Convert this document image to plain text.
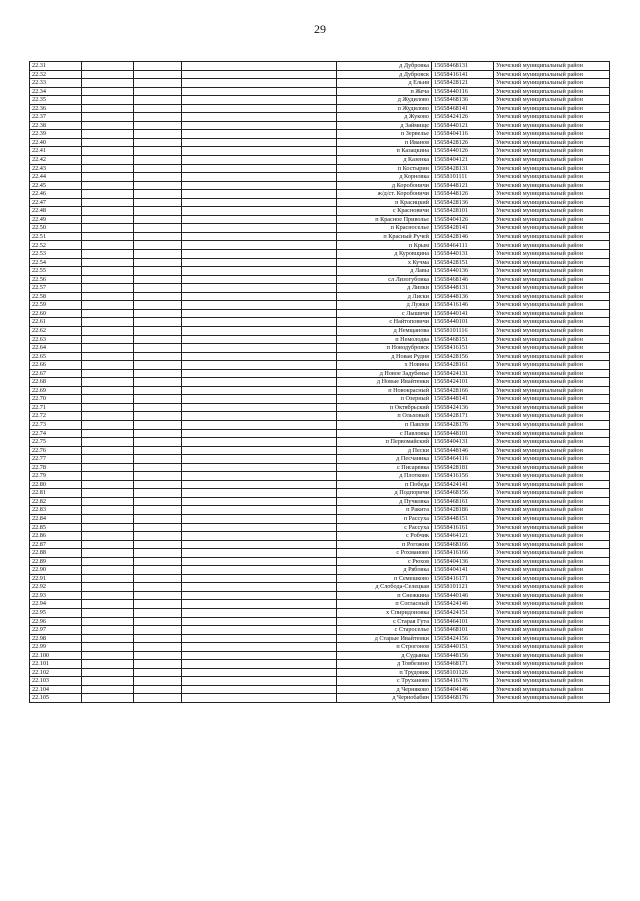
29
22.31				д Дубровка	15658468131	Унечский муниципальный район
22.32				д Дубровск	15658416141	Унечский муниципальный район
22.33				д Ельня	15658428121	Унечский муниципальный район
22.34				п Жеча	15658440116	Унечский муниципальный район
22.35				д Жудилово	15658468136	Унечский муниципальный район
22.36				п Жудилово	15658468141	Унечский муниципальный район
22.37				д Жуково	15658424126	Унечский муниципальный район
22.38				д Займище	15658440121	Унечский муниципальный район
22.39				п Зервелье	15658404116	Унечский муниципальный район
22.40				п Иванов	15658428126	Унечский муниципальный район
22.41				п Казацкина	15658440126	Унечский муниципальный район
22.42				д Казенка	15658404121	Унечский муниципальный район
22.43				п Костырин	15658428131	Унечский муниципальный район
22.44				д Корновка	15658101111	Унечский муниципальный район
22.45				д Коробоничи	15658448121	Унечский муниципальный район
22.46				ж/д/ст. Коробоничи	15658448126	Унечский муниципальный район
22.47				п Красицкий	15658428136	Унечский муниципальный район
22.48				с Красновичи	15658428101	Унечский муниципальный район
22.49				п Красное Приволье	15658404126	Унечский муниципальный район
22.50				п Красноселье	15658428141	Унечский муниципальный район
22.51				п Красный Ручей	15658428146	Унечский муниципальный район
22.52				п Крым	15658464111	Унечский муниципальный район
22.53				д Куровщина	15658440131	Унечский муниципальный район
22.54				х Кучма	15658428151	Унечский муниципальный район
22.55				д Лавы	15658440136	Унечский муниципальный район
22.56				сл Лизогубовка	15658468146	Унечский муниципальный район
22.57				д Липки	15658448131	Унечский муниципальный район
22.58				д Лиски	15658448136	Унечский муниципальный район
22.59				д Лужки	15658416146	Унечский муниципальный район
22.60				с Лышичи	15658440141	Унечский муниципальный район
22.61				с Найтоповичи	15658440101	Унечский муниципальный район
22.62				д Немщанова	15658101116	Унечский муниципальный район
22.63				п Немолодва	15658468151	Унечский муниципальный район
22.64				п Новодубровск	15658416151	Унечский муниципальный район
22.65				д Новая Рудня	15658428156	Унечский муниципальный район
22.66				х Новина	15658428161	Унечский муниципальный район
22.67				д Новое Задубенье	15658424131	Унечский муниципальный район
22.68				д Новые Ивайтенки	15658424101	Унечский муниципальный район
22.69				п Новокрасный	15658428166	Унечский муниципальный район
22.70				п Озерный	15658448141	Унечский муниципальный район
22.71				п Октябрьский	15658424136	Унечский муниципальный район
22.72				п Ольховый	15658428171	Унечский муниципальный район
22.73				п Павлов	15658428176	Унечский муниципальный район
22.74				с Павловка	15658448101	Унечский муниципальный район
22.75				п Первомайский	15658404131	Унечский муниципальный район
22.76				д Пески	15658448146	Унечский муниципальный район
22.77				д Песчаника	15658464116	Унечский муниципальный район
22.78				с Писаревка	15658428181	Унечский муниципальный район
22.79				д Плотково	15658416156	Унечский муниципальный район
22.80				п Победа	15658424141	Унечский муниципальный район
22.81				д Подпоричи	15658468156	Унечский муниципальный район
22.82				д Пучковка	15658468161	Унечский муниципальный район
22.83				п Ракита	15658428186	Унечский муниципальный район
22.84				п Рассуха	15658448151	Унечский муниципальный район
22.85				с Рассуха	15658416161	Унечский муниципальный район
22.86				с Робчик	15658464121	Унечский муниципальный район
22.87				п Рогожня	15658468166	Унечский муниципальный район
22.88				с Рохманово	15658416166	Унечский муниципальный район
22.89				с Рюхов	15658404136	Унечский муниципальный район
22.90				д Рябовка	15658404141	Унечский муниципальный район
22.91				п Семешково	15658416171	Унечский муниципальный район
22.92				д Слобода-Селецкая	15658101121	Унечский муниципальный район
22.93				п Снежкина	15658440146	Унечский муниципальный район
22.94				п Согласный	15658424146	Унечский муниципальный район
22.95				х Спиридоновка	15658424151	Унечский муниципальный район
22.96				с Старая Гута	15658464101	Унечский муниципальный район
22.97				с Староселье	15658468101	Унечский муниципальный район
22.98				д Старые Ивайтенки	15658424156	Унечский муниципальный район
22.99				п Строгонов	15658440151	Унечский муниципальный район
22.100				д Судынка	15658448156	Унечский муниципальный район
22.101				д Товбезино	15658468171	Унечский муниципальный район
22.102				п Трудовик	15658101126	Унечский муниципальный район
22.103				с Труханово	15658416176	Унечский муниципальный район
22.104				д Черняково	15658404146	Унечский муниципальный район
22.105				д Чернобабин	15658468176	Унечский муниципальный район
